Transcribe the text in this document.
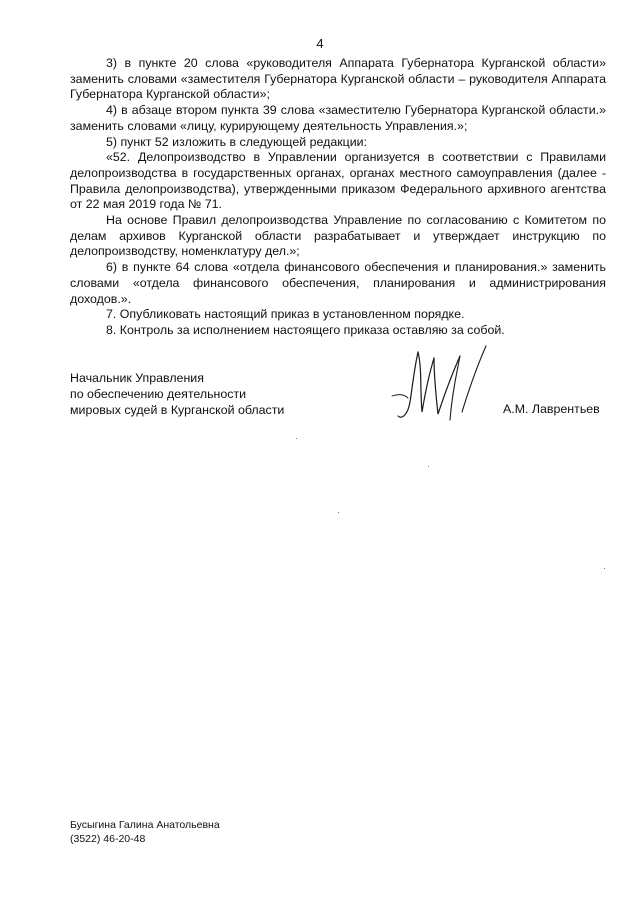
4

3) в пункте 20 слова «руководителя Аппарата Губернатора Курганской области» заменить словами «заместителя Губернатора Курганской области – руководителя Аппарата Губернатора Курганской области»;

4) в абзаце втором пункта 39 слова «заместителю Губернатора Курганской области.» заменить словами «лицу, курирующему деятельность Управления.»;

5) пункт 52 изложить в следующей редакции:

«52. Делопроизводство в Управлении организуется в соответствии с Правилами делопроизводства в государственных органах, органах местного самоуправления (далее - Правила делопроизводства), утвержденными приказом Федерального архивного агентства от 22 мая 2019 года № 71.

На основе Правил делопроизводства Управление по согласованию с Комитетом по делам архивов Курганской области разрабатывает и утверждает инструкцию по делопроизводству, номенклатуру дел.»;

6) в пункте 64 слова «отдела финансового обеспечения и планирования.» заменить словами «отдела финансового обеспечения, планирования и администрирования доходов.».

7. Опубликовать настоящий приказ в установленном порядке.

8. Контроль за исполнением настоящего приказа оставляю за собой.

Начальник Управления
по обеспечению деятельности
мировых судей в Курганской области	А.М. Лаврентьев
Бусыгина Галина Анатольевна
(3522) 46-20-48
